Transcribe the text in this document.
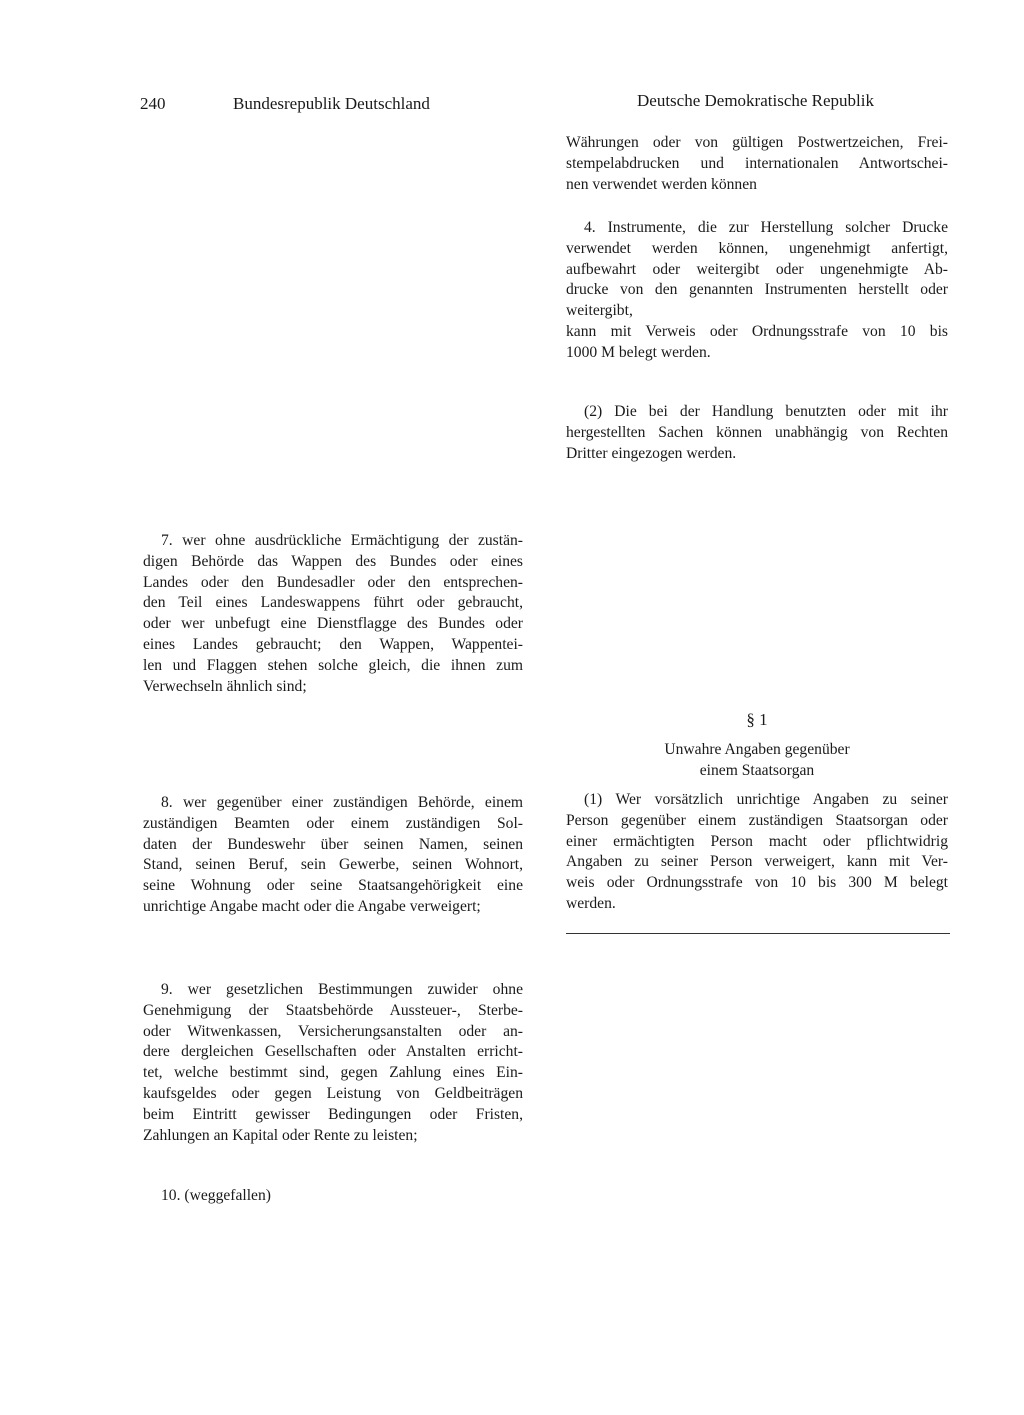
240	Bundesrepublik Deutschland	Deutsche Demokratische Republik
Währungen oder von gültigen Postwertzeichen, Frei-
stempelabdrucken und internationalen Antwortschei-
nen verwendet werden können
4. Instrumente, die zur Herstellung solcher Drucke
verwendet werden können, ungenehmigt anfertigt,
aufbewahrt oder weitergibt oder ungenehmigte Ab-
drucke von den genannten Instrumenten herstellt oder
weitergibt,
kann mit Verweis oder Ordnungsstrafe von 10 bis
1000 M belegt werden.
(2) Die bei der Handlung benutzten oder mit ihr
hergestellten Sachen können unabhängig von Rechten
Dritter eingezogen werden.
§ 1
Unwahre Angaben gegenüber
einem Staatsorgan
(1) Wer vorsätzlich unrichtige Angaben zu seiner
Person gegenüber einem zuständigen Staatsorgan oder
einer ermächtigten Person macht oder pflichtwidrig
Angaben zu seiner Person verweigert, kann mit Ver-
weis oder Ordnungsstrafe von 10 bis 300 M belegt
werden.
7. wer ohne ausdrückliche Ermächtigung der zustän-
digen Behörde das Wappen des Bundes oder eines
Landes oder den Bundesadler oder den entsprechen-
den Teil eines Landeswappens führt oder gebraucht,
oder wer unbefugt eine Dienstflagge des Bundes oder
eines Landes gebraucht; den Wappen, Wappentei-
len und Flaggen stehen solche gleich, die ihnen zum
Verwechseln ähnlich sind;
8. wer gegenüber einer zuständigen Behörde, einem
zuständigen Beamten oder einem zuständigen Sol-
daten der Bundeswehr über seinen Namen, seinen
Stand, seinen Beruf, sein Gewerbe, seinen Wohnort,
seine Wohnung oder seine Staatsangehörigkeit eine
unrichtige Angabe macht oder die Angabe verweigert;
9. wer gesetzlichen Bestimmungen zuwider ohne
Genehmigung der Staatsbehörde Aussteuer-, Sterbe-
oder Witwenkassen, Versicherungsanstalten oder an-
dere dergleichen Gesellschaften oder Anstalten erricht-
tet, welche bestimmt sind, gegen Zahlung eines Ein-
kaufsgeldes oder gegen Leistung von Geldbeiträgen
beim Eintritt gewisser Bedingungen oder Fristen,
Zahlungen an Kapital oder Rente zu leisten;
10. (weggefallen)
